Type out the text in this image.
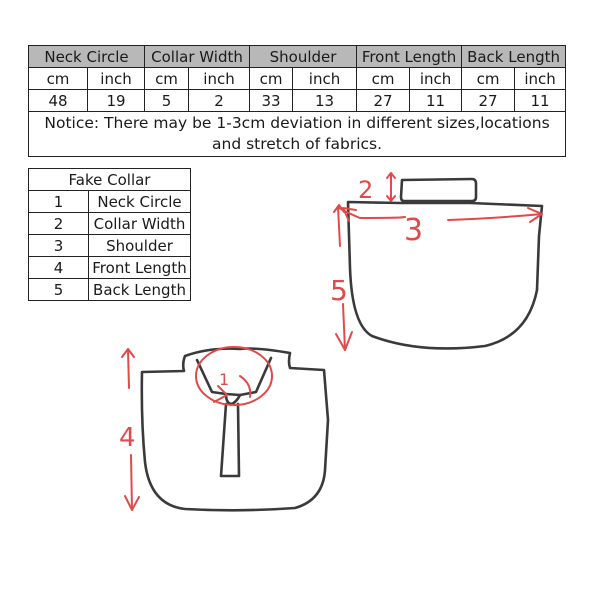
Neck Circle		Collar Width		Shoulder		Front Length		Back Length	
cm	inch	cm	inch	cm	inch	cm	inch	cm	inch
48	19	5	2	33	13	27	11	27	11
Notice: There may be 1-3cm deviation in different sizes,locations and stretch of fabrics.									
Fake Collar	
1	Neck Circle
2	Collar Width
3	Shoulder
4	Front Length
5	Back Length
2
3
5
1
4
